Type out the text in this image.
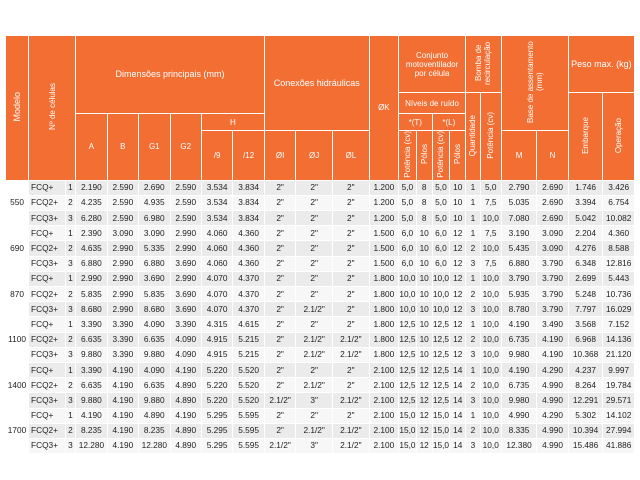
Modelo	Nº de células		Dimensões principais (mm)						Conexões hidráulicas			ØK	Conjunto motoventilador por célula				Bomba de recirculação		Base de assentamento (mm)		Peso max. (kg)	
													Níveis de ruído				Quantidade	Potência (cv)			Embarque	Operação
			A	B	G1	G2	H						*(T)		*(L)							
							/9	/12	ØI	ØJ	ØL		Potência (cv)	Pólos	Potência (cv)	Pólos			M	N		
550	FCQ+	1	2.190	2.590	2.690	2.590	3.534	3.834	2"	2"	2"	1.200	5,0	8	5,0	10	1	5,0	2.790	2.690	1.746	3.426
	FCQ2+	2	4.235	2.590	4.935	2.590	3.534	3.834	2"	2"	2"	1.200	5,0	8	5,0	10	1	7,5	5.035	2.690	3.394	6.754
	FCQ3+	3	6.280	2.590	6.980	2.590	3.534	3.834	2"	2"	2"	1.200	5,0	8	5,0	10	1	10,0	7.080	2.690	5.042	10.082
690	FCQ+	1	2.390	3.090	3.090	2.990	4.060	4.360	2"	2"	2"	1.500	6,0	10	6,0	12	1	7,5	3.190	3.090	2.204	4.360
	FCQ2+	2	4.635	2.990	5.335	2.990	4.060	4.360	2"	2"	2"	1.500	6,0	10	6,0	12	2	10,0	5.435	3.090	4.276	8.588
	FCQ3+	3	6.880	2.990	6.880	3.690	4.060	4.360	2"	2"	2"	1.500	6,0	10	6,0	12	3	7,5	6.880	3.790	6.348	12.816
870	FCQ+	1	2.990	2.990	3.690	2.990	4.070	4.370	2"	2"	2"	1.800	10,0	10	10,0	12	1	10,0	3.790	3.790	2.699	5.443
	FCQ2+	2	5.835	2.990	5.835	3.690	4.070	4.370	2"	2"	2"	1.800	10,0	10	10,0	12	2	10,0	5.935	3.790	5.248	10.736
	FCQ3+	3	8.680	2.990	8.680	3.690	4.070	4.370	2"	2.1/2"	2"	1.800	10,0	10	10,0	12	3	10,0	8.780	3.790	7.797	16.029
1100	FCQ+	1	3.390	3.390	4.090	3.390	4.315	4.615	2"	2"	2"	1.800	12,5	10	12,5	12	1	10,0	4.190	3.490	3.568	7.152
	FCQ2+	2	6.635	3.390	6.635	4.090	4.915	5.215	2"	2.1/2"	2.1/2"	1.800	12,5	10	12,5	12	2	10,0	6.735	4.190	6.968	14.136
	FCQ3+	3	9.880	3.390	9.880	4.090	4.915	5.215	2"	2.1/2"	2.1/2"	1.800	12,5	10	12,5	12	3	10,0	9.980	4.190	10.368	21.120
1400	FCQ+	1	3.390	4.190	4.090	4.190	5.220	5.520	2"	2"	2"	2.100	12,5	12	12,5	14	1	10,0	4.190	4.290	4.237	9.997
	FCQ2+	2	6.635	4.190	6.635	4.890	5.220	5.520	2"	2.1/2"	2"	2.100	12,5	12	12,5	14	2	10,0	6.735	4.990	8.264	19.784
	FCQ3+	3	9.880	4.190	9.880	4.890	5.220	5.520	2.1/2"	3"	2.1/2"	2.100	12,5	12	12,5	14	3	10,0	9.980	4.990	12.291	29.571
1700	FCQ+	1	4.190	4.190	4.890	4.190	5.295	5.595	2"	2"	2"	2.100	15,0	12	15,0	14	1	10,0	4.990	4.290	5.302	14.102
	FCQ2+	2	8.235	4.190	8.235	4.890	5.295	5.595	2"	2.1/2"	2.1/2"	2.100	15,0	12	15,0	14	2	10,0	8.335	4.990	10.394	27.994
	FCQ3+	3	12.280	4.190	12.280	4.890	5.295	5.595	2.1/2"	3"	2.1/2"	2.100	15,0	12	15,0	14	3	10,0	12.380	4.990	15.486	41.886
